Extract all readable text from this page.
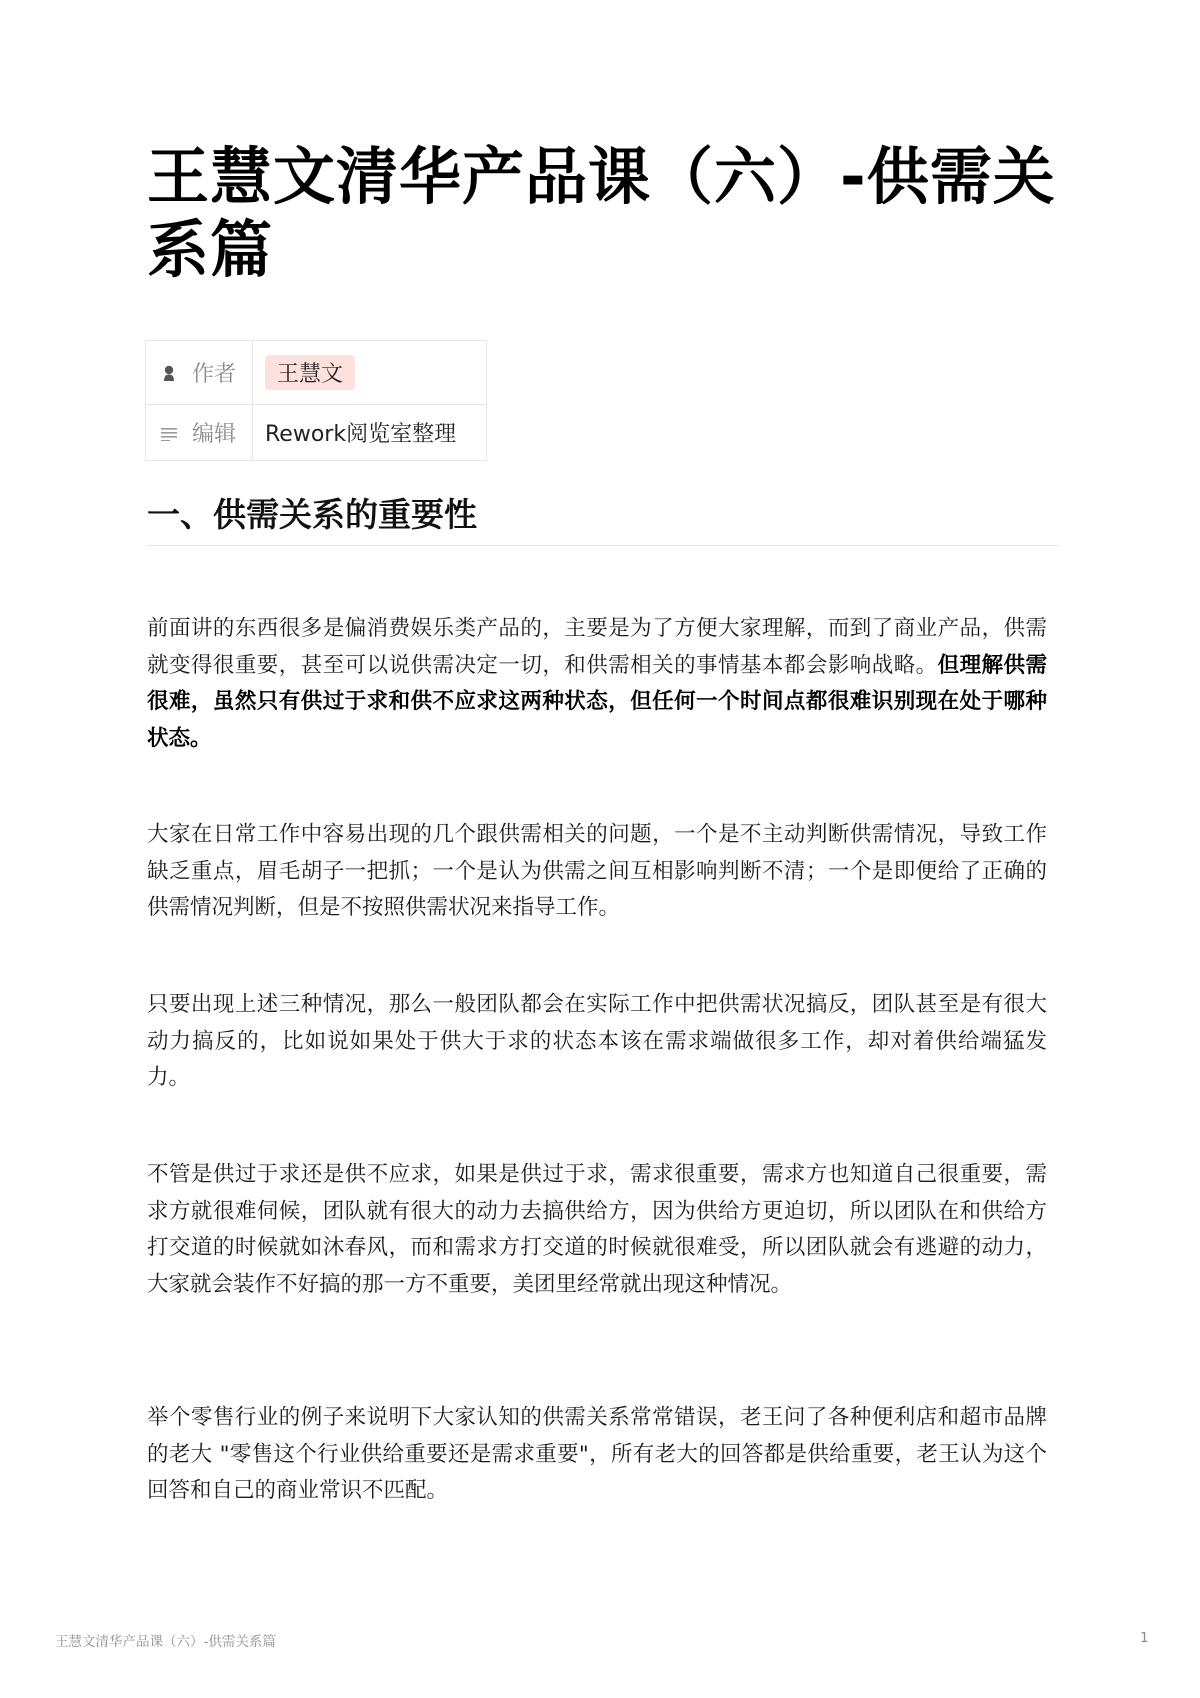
王慧文清华产品课（六）-供需关系篇
作者	王慧文
编辑	Rework阅览室整理
一、供需关系的重要性
前面讲的东西很多是偏消费娱乐类产品的，主要是为了方便大家理解，而到了商业产品，供需就变得很重要，甚至可以说供需决定一切，和供需相关的事情基本都会影响战略。但理解供需很难，虽然只有供过于求和供不应求这两种状态，但任何一个时间点都很难识别现在处于哪种状态。
大家在日常工作中容易出现的几个跟供需相关的问题，一个是不主动判断供需情况，导致工作缺乏重点，眉毛胡子一把抓；一个是认为供需之间互相影响判断不清；一个是即便给了正确的供需情况判断，但是不按照供需状况来指导工作。
只要出现上述三种情况，那么一般团队都会在实际工作中把供需状况搞反，团队甚至是有很大动力搞反的，比如说如果处于供大于求的状态本该在需求端做很多工作，却对着供给端猛发力。
不管是供过于求还是供不应求，如果是供过于求，需求很重要，需求方也知道自己很重要，需求方就很难伺候，团队就有很大的动力去搞供给方，因为供给方更迫切，所以团队在和供给方打交道的时候就如沐春风，而和需求方打交道的时候就很难受，所以团队就会有逃避的动力，大家就会装作不好搞的那一方不重要，美团里经常就出现这种情况。
举个零售行业的例子来说明下大家认知的供需关系常常错误，老王问了各种便利店和超市品牌的老大 "零售这个行业供给重要还是需求重要"，所有老大的回答都是供给重要，老王认为这个回答和自己的商业常识不匹配。
王慧文清华产品课（六）-供需关系篇	1
